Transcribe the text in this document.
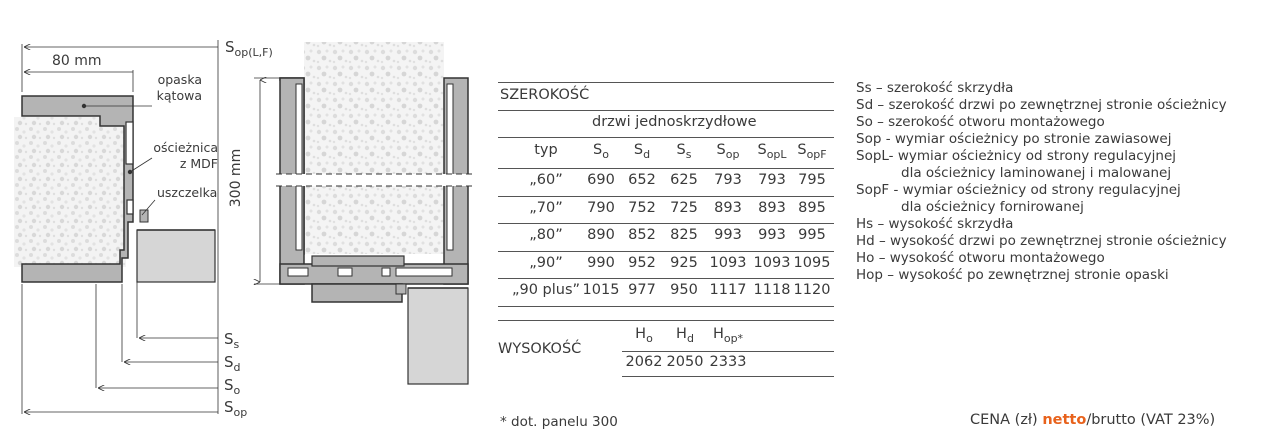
80 mm
$S_{op(L,F)}$
opaska
kątowa
ościeżnica
z MDF
uszczelka
$S_s$
$S_d$
$S_o$
$S_{op}$
300 mm
SZEROKOŚĆ
drzwi jednoskrzydłowe
typ	$S_o$	$S_d$	$S_s$	$S_{op}$	$S_{opL}$ $S_{opF}$
„60”	690 652 625	793	793 795
„70”	790 752 725	893	893 895
„80”	890 852 825	993	993 995
„90”	990 952 925 1093 1093 1095
„90 plus” 1015 977 950 1117 1118 1120
WYSOKOŚĆ
$H_o$	$H_d$	$H_{op*}$
2062 2050 2333
Ss – szerokość skrzydła
Sd – szerokość drzwi po zewnętrznej stronie ościeżnicy
So – szerokość otworu montażowego
Sop - wymiar ościeżnicy po stronie zawiasowej
SopL- wymiar ościeżnicy od strony regulacyjnej
dla ościeżnicy laminowanej i malowanej
SopF - wymiar ościeżnicy od strony regulacyjnej
dla ościeżnicy fornirowanej
Hs – wysokość skrzydła
Hd – wysokość drzwi po zewnętrznej stronie ościeżnicy
Ho – wysokość otworu montażowego
Hop – wysokość po zewnętrznej stronie opaski
* dot. panelu 300	CENA (zł) netto/brutto (VAT 23%)
